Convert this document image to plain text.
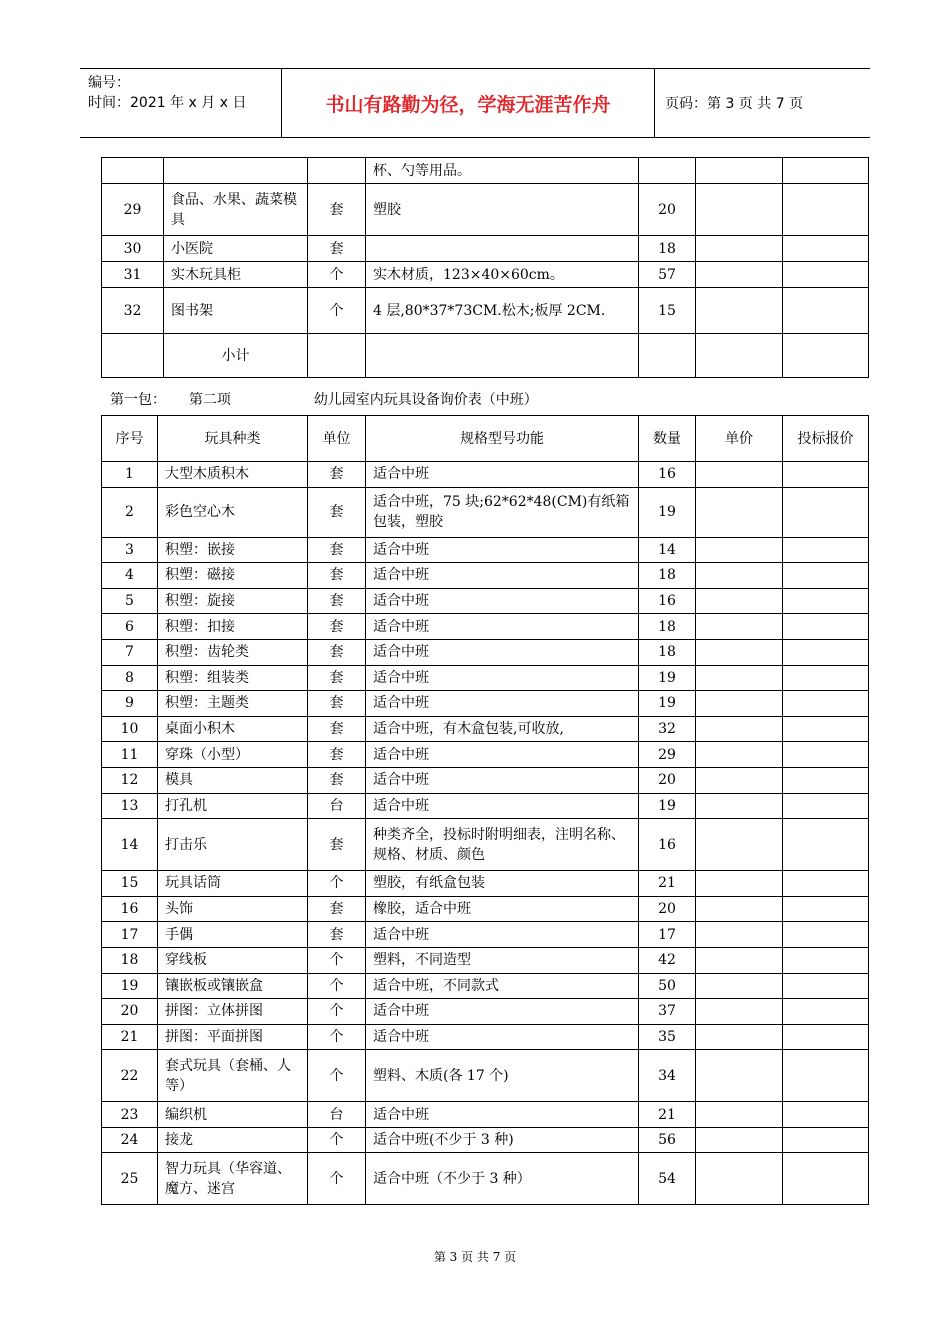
编号：
时间：2021 年 x 月 x 日	书山有路勤为径，学海无涯苦作舟	页码：第 3 页 共 7 页
			杯、勺等用品。			
29	食品、水果、蔬菜模具	套	塑胶	20		
30	小医院	套		18		
31	实木玩具柜	个	实木材质，123×40×60cm。	57		
32	图书架	个	4 层,80*37*73CM.松木;板厚 2CM.	15		
	小计					
第一包： 第二项	幼儿园室内玩具设备询价表（中班）
序号	玩具种类	单位	规格型号功能	数量	单价	投标报价
1	大型木质积木	套	适合中班	16		
2	彩色空心木	套	适合中班，75 块;62*62*48(CM)有纸箱包装，塑胶	19		
3	积塑：嵌接	套	适合中班	14		
4	积塑：磁接	套	适合中班	18		
5	积塑：旋接	套	适合中班	16		
6	积塑：扣接	套	适合中班	18		
7	积塑：齿轮类	套	适合中班	18		
8	积塑：组装类	套	适合中班	19		
9	积塑：主题类	套	适合中班	19		
10	桌面小积木	套	适合中班，有木盒包装,可收放,	32		
11	穿珠（小型）	套	适合中班	29		
12	模具	套	适合中班	20		
13	打孔机	台	适合中班	19		
14	打击乐	套	种类齐全，投标时附明细表，注明名称、规格、材质、颜色	16		
15	玩具话筒	个	塑胶，有纸盒包装	21		
16	头饰	套	橡胶，适合中班	20		
17	手偶	套	适合中班	17		
18	穿线板	个	塑料，不同造型	42		
19	镶嵌板或镶嵌盒	个	适合中班，不同款式	50		
20	拼图：立体拼图	个	适合中班	37		
21	拼图：平面拼图	个	适合中班	35		
22	套式玩具（套桶、人等）	个	塑料、木质(各 17 个)	34		
23	编织机	台	适合中班	21		
24	接龙	个	适合中班(不少于 3 种)	56		
25	智力玩具（华容道、魔方、迷宫	个	适合中班（不少于 3 种）	54		
第 3 页 共 7 页
